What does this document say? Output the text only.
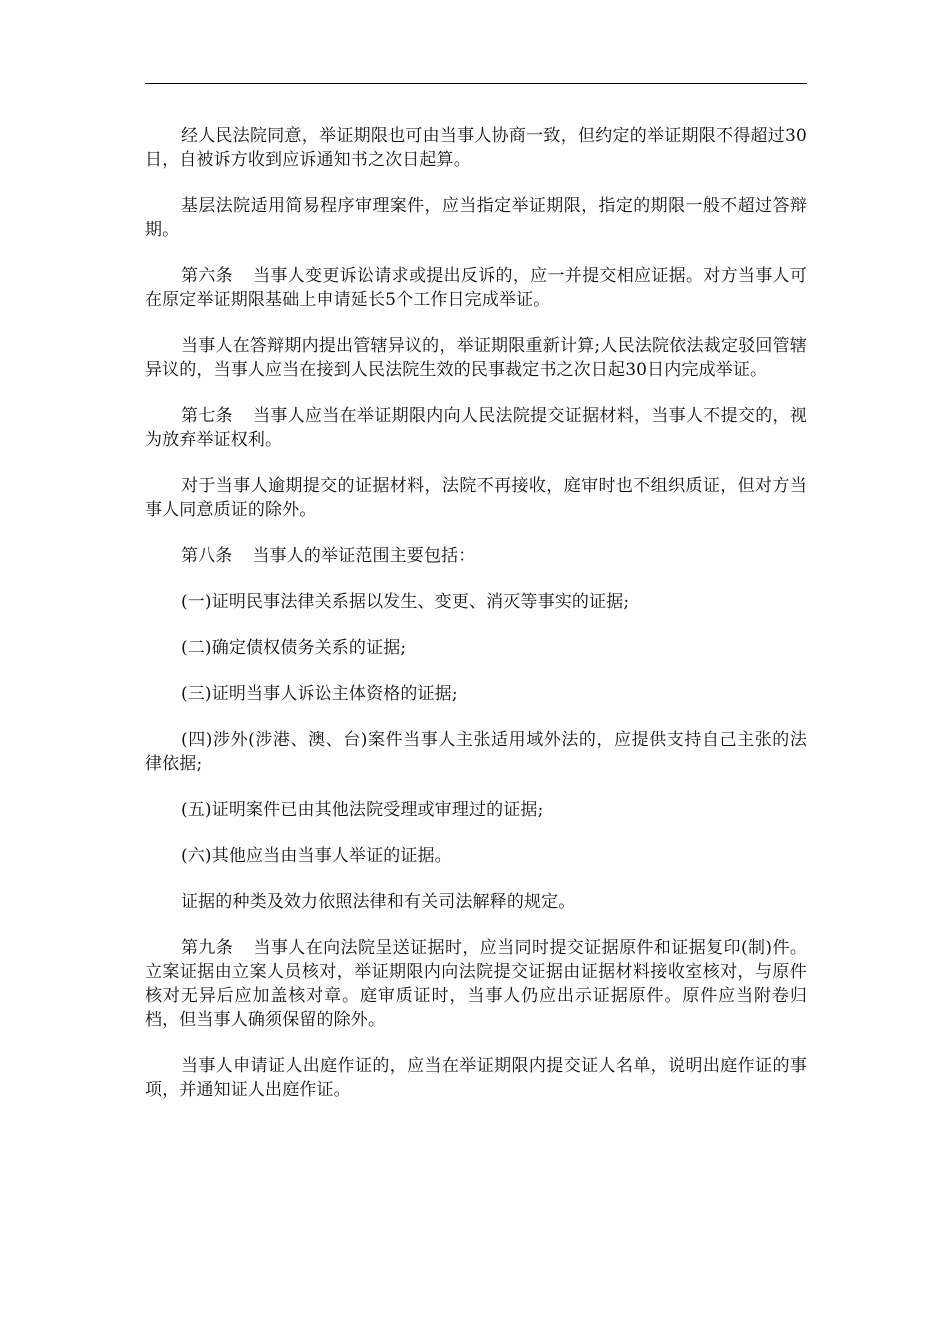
经人民法院同意，举证期限也可由当事人协商一致，但约定的举证期限不得超过30日，自被诉方收到应诉通知书之次日起算。

基层法院适用简易程序审理案件，应当指定举证期限，指定的期限一般不超过答辩期。

第六条 当事人变更诉讼请求或提出反诉的，应一并提交相应证据。对方当事人可在原定举证期限基础上申请延长5个工作日完成举证。

当事人在答辩期内提出管辖异议的，举证期限重新计算;人民法院依法裁定驳回管辖异议的，当事人应当在接到人民法院生效的民事裁定书之次日起30日内完成举证。

第七条 当事人应当在举证期限内向人民法院提交证据材料，当事人不提交的，视为放弃举证权利。

对于当事人逾期提交的证据材料，法院不再接收，庭审时也不组织质证，但对方当事人同意质证的除外。

第八条 当事人的举证范围主要包括：

(一)证明民事法律关系据以发生、变更、消灭等事实的证据;

(二)确定债权债务关系的证据;

(三)证明当事人诉讼主体资格的证据;

(四)涉外(涉港、澳、台)案件当事人主张适用域外法的，应提供支持自己主张的法律依据;

(五)证明案件已由其他法院受理或审理过的证据;

(六)其他应当由当事人举证的证据。

证据的种类及效力依照法律和有关司法解释的规定。

第九条 当事人在向法院呈送证据时，应当同时提交证据原件和证据复印(制)件。立案证据由立案人员核对，举证期限内向法院提交证据由证据材料接收室核对，与原件核对无异后应加盖核对章。庭审质证时，当事人仍应出示证据原件。原件应当附卷归档，但当事人确须保留的除外。

当事人申请证人出庭作证的，应当在举证期限内提交证人名单，说明出庭作证的事项，并通知证人出庭作证。
